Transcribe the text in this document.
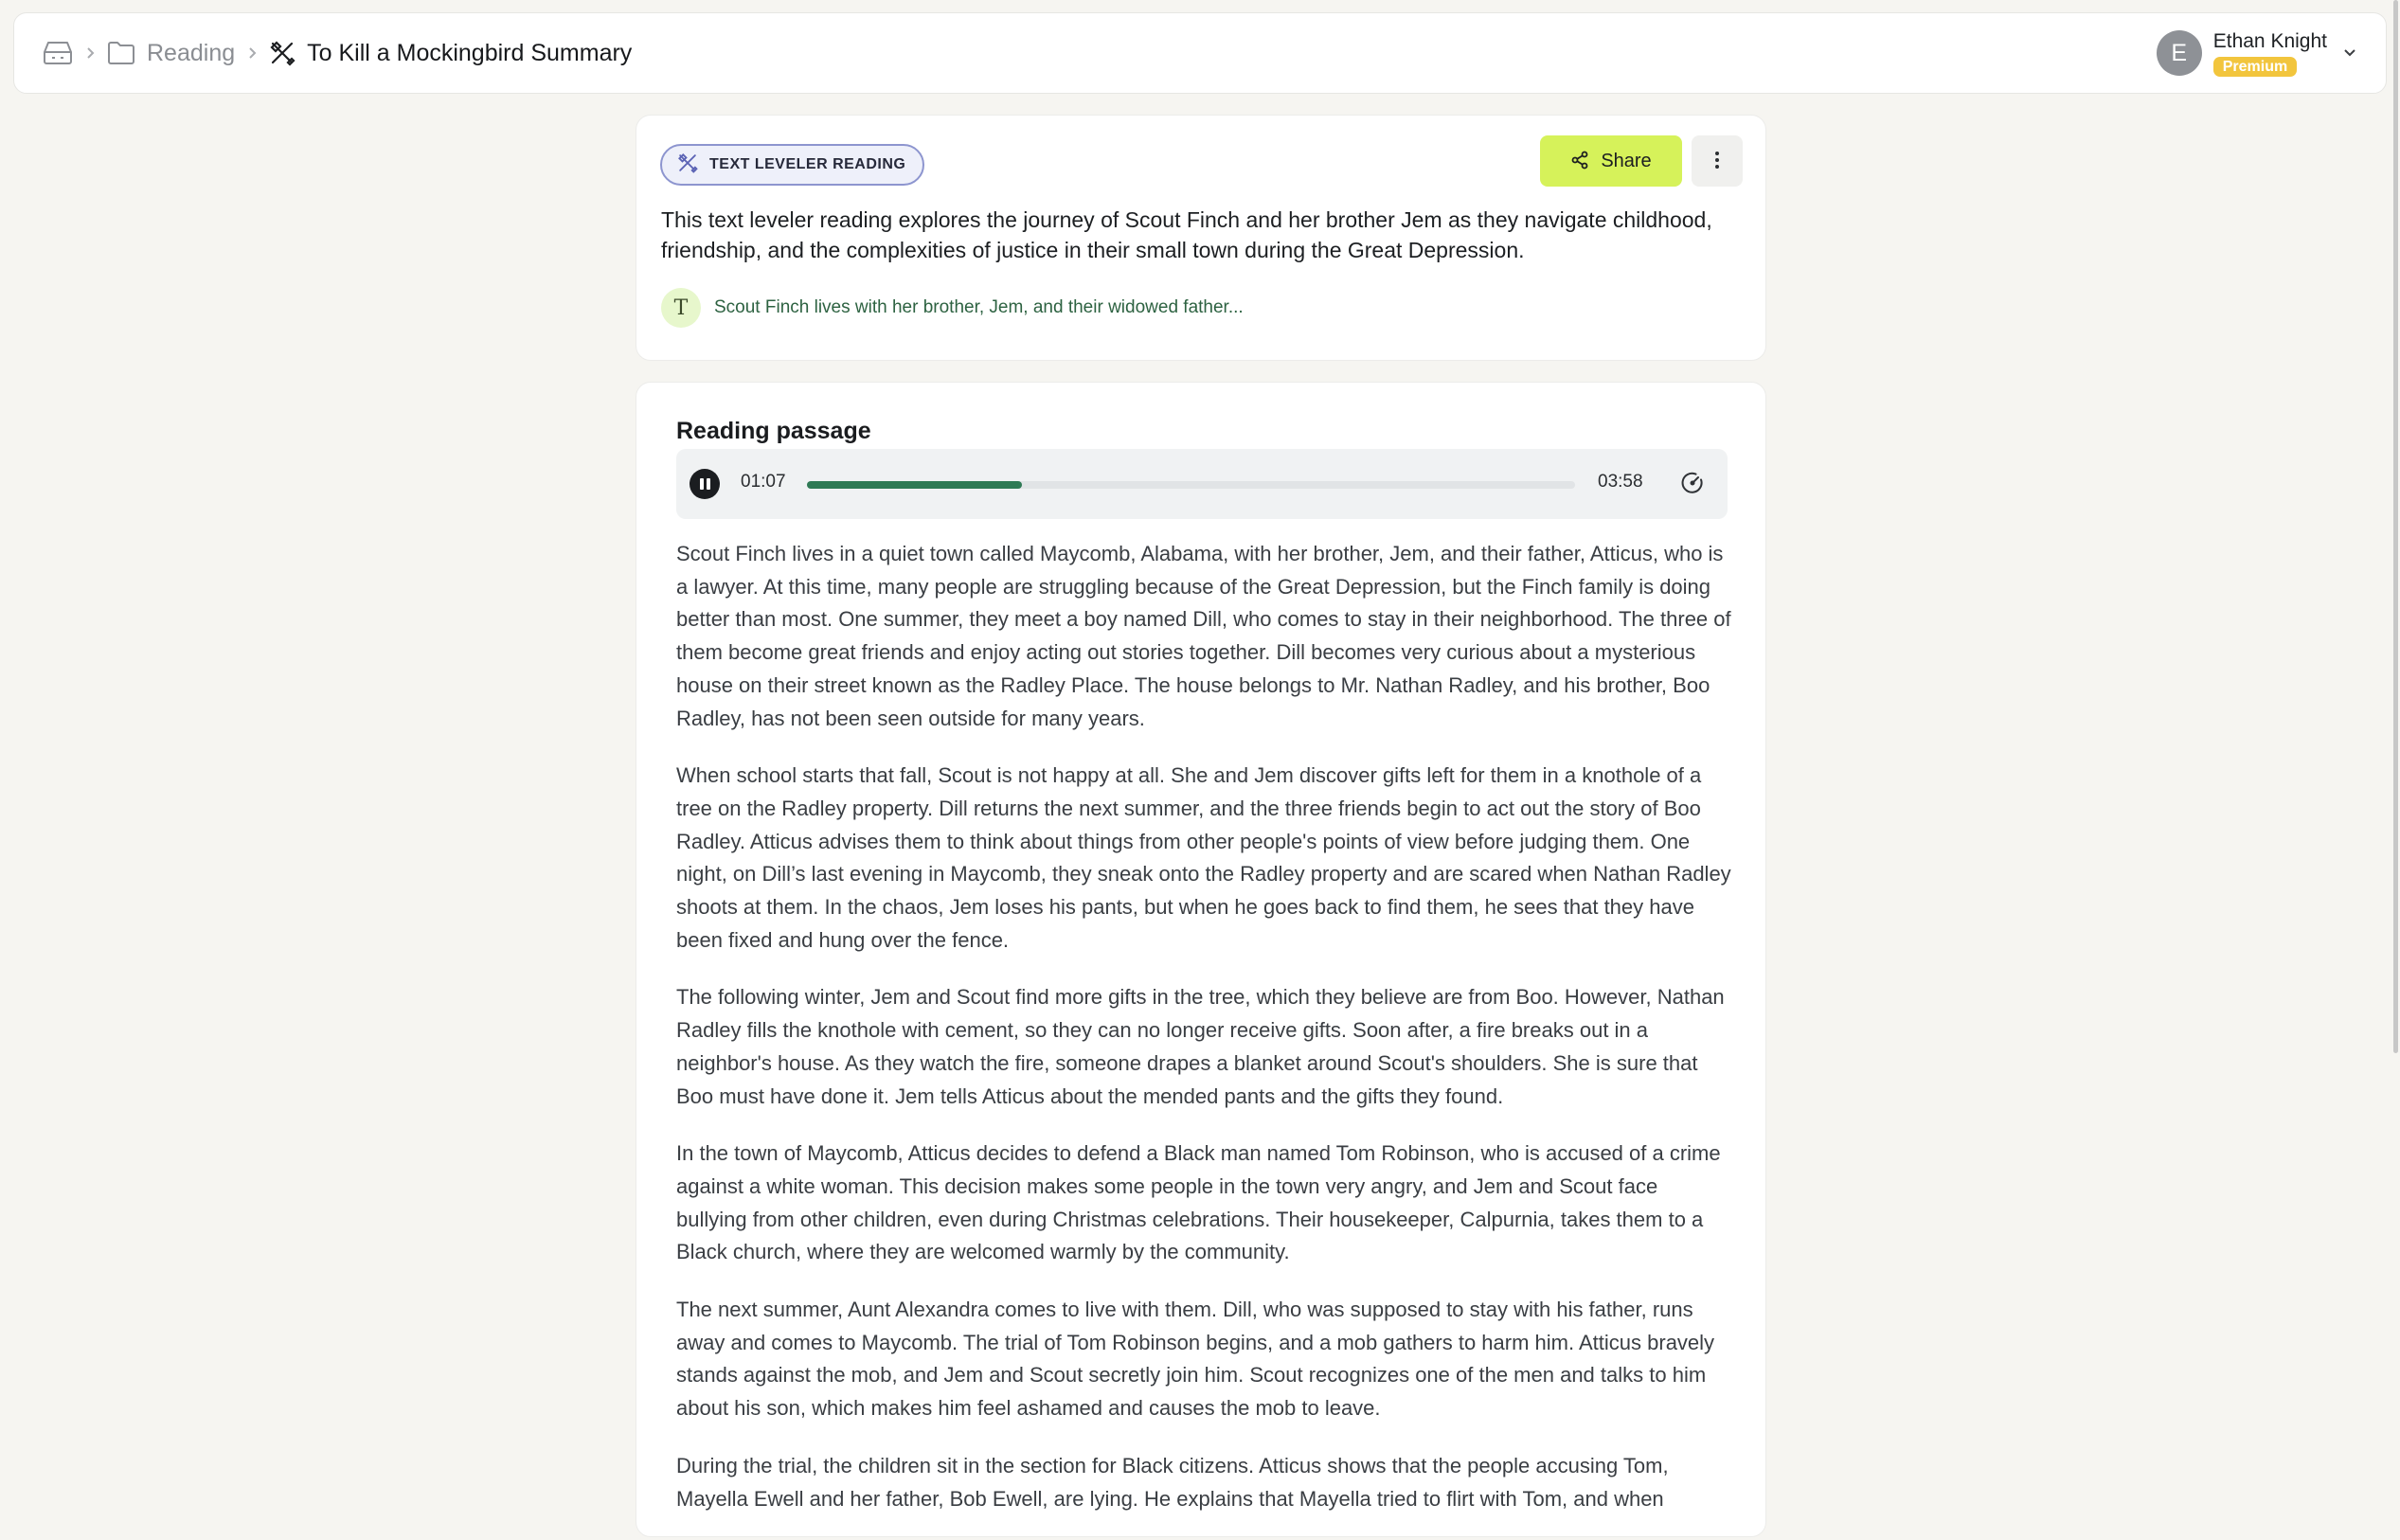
Reading	To Kill a Mockingbird Summary	E	Ethan Knight
Premium
TEXT LEVELER READING	Share

This text leveler reading explores the journey of Scout Finch and her brother Jem as they navigate childhood, friendship, and the complexities of justice in their small town during the Great Depression.

T	Scout Finch lives with her brother, Jem, and their widowed father...
Reading passage
01:07	03:58

Scout Finch lives in a quiet town called Maycomb, Alabama, with her brother, Jem, and their father, Atticus, who is a lawyer. At this time, many people are struggling because of the Great Depression, but the Finch family is doing better than most. One summer, they meet a boy named Dill, who comes to stay in their neighborhood. The three of them become great friends and enjoy acting out stories together. Dill becomes very curious about a mysterious house on their street known as the Radley Place. The house belongs to Mr. Nathan Radley, and his brother, Boo Radley, has not been seen outside for many years.

When school starts that fall, Scout is not happy at all. She and Jem discover gifts left for them in a knothole of a tree on the Radley property. Dill returns the next summer, and the three friends begin to act out the story of Boo Radley. Atticus advises them to think about things from other people's points of view before judging them. One night, on Dill’s last evening in Maycomb, they sneak onto the Radley property and are scared when Nathan Radley shoots at them. In the chaos, Jem loses his pants, but when he goes back to find them, he sees that they have been fixed and hung over the fence.

The following winter, Jem and Scout find more gifts in the tree, which they believe are from Boo. However, Nathan Radley fills the knothole with cement, so they can no longer receive gifts. Soon after, a fire breaks out in a neighbor's house. As they watch the fire, someone drapes a blanket around Scout's shoulders. She is sure that Boo must have done it. Jem tells Atticus about the mended pants and the gifts they found.

In the town of Maycomb, Atticus decides to defend a Black man named Tom Robinson, who is accused of a crime against a white woman. This decision makes some people in the town very angry, and Jem and Scout face bullying from other children, even during Christmas celebrations. Their housekeeper, Calpurnia, takes them to a Black church, where they are welcomed warmly by the community.

The next summer, Aunt Alexandra comes to live with them. Dill, who was supposed to stay with his father, runs away and comes to Maycomb. The trial of Tom Robinson begins, and a mob gathers to harm him. Atticus bravely stands against the mob, and Jem and Scout secretly join him. Scout recognizes one of the men and talks to him about his son, which makes him feel ashamed and causes the mob to leave.

During the trial, the children sit in the section for Black citizens. Atticus shows that the people accusing Tom, Mayella Ewell and her father, Bob Ewell, are lying. He explains that Mayella tried to flirt with Tom, and when
